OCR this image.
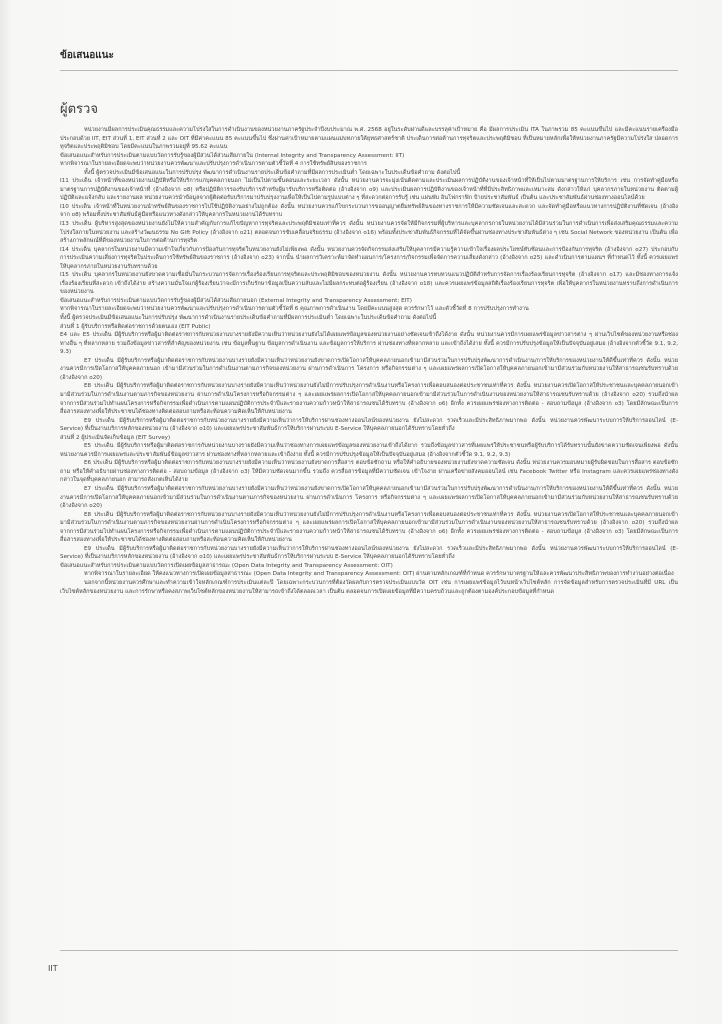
ข้อเสนอแนะ
ผู้ตรวจ

หน่วยงานมีผลการประเมินคุณธรรมและความโปร่งใสในการดำเนินงานของหน่วยงานภาครัฐประจำปีงบประมาณ พ.ศ. 2568 อยู่ในระดับผ่านดีและบรรลุค่าเป้าหมาย คือ มีผลการประเมิน ITA ในภาพรวม 85 คะแนนขึ้นไป และมีคะแนนรายเครื่องมือประกอบด้วย IIT, EIT ส่วนที่ 1, EIT ส่วนที่ 2 และ OIT ที่มีค่าคะแนน 85 คะแนนขึ้นไป ซึ่งผ่านค่าเป้าหมายตามแผนแม่บทภายใต้ยุทธศาสตร์ชาติ ประเด็นการต่อต้านการทุจริตและประพฤติมิชอบ ที่เป็นหมายหลักเพื่อให้หน่วยงานภาครัฐมีความโปร่งใส ปลอดการทุจริตและประพฤติมิชอบ โดยมีคะแนนในภาพรวมอยู่ที่ 95.62 คะแนน

ข้อเสนอแนะสำหรับการประเมินตามแบบวัดการรับรู้ของผู้มีส่วนได้ส่วนเสียภายใน (Internal Integrity and Transparency Assessment: IIT)

หากพิจารณาในรายละเอียดจะพบว่าหน่วยงานควรพัฒนาและปรับปรุงการดำเนินการตามตัวชี้วัดที่ 4 การใช้ทรัพย์สินของราชการ

ทั้งนี้ ผู้ตรวจประเมินมีข้อเสนอแนะในการปรับปรุง พัฒนาการดำเนินงานรายประเด็นข้อคำถามที่มีผลการประเมินต่ำ โดยเฉพาะในประเด็นข้อคำถาม ดังต่อไปนี้

I11 ประเด็น เจ้าหน้าที่ของหน่วยงานปฏิบัติหรือให้บริการแก่บุคคลภายนอก ไม่เป็นไปตามขั้นตอนและระยะเวลา ดังนั้น หน่วยงานควรจะมุ่งเน้นติดตามและประเมินผลการปฏิบัติงานของเจ้าหน้าที่ให้เป็นไปตามมาตรฐานการให้บริการ เช่น การจัดทำคู่มือหรือมาตรฐานการปฏิบัติงานของเจ้าหน้าที่ (อ้างอิงจาก o8) หรือปฏิบัติการรองรับบริการสำหรับผู้มารับบริการหรือติดต่อ (อ้างอิงจาก o9) และประเมินผลการปฏิบัติงานของเจ้าหน้าที่ที่มีประสิทธิภาพและเหมาะสม ดังกล่าวให้แก่ บุคลากรภายในหน่วยงาน ติดตามผู้ปฏิบัติและแจ้งกลับ และรายงานผล หน่วยงานควรนำข้อมูลจากผู้ติดต่อรับบริการมาปรับปรุงงานเพื่อให้เป็นไปตามรูปแบบต่าง ๆ ที่สะดวกต่อการรับรู้ เช่น แผ่นพับ อินโฟกราฟิก ป้ายประชาสัมพันธ์ เป็นต้น และประชาสัมพันธ์ผ่านช่องทางออนไลน์ด้วย

I10 ประเด็น เจ้าหน้าที่ในหน่วยงานนำทรัพย์สินของราชการไปใช้ปฏิบัติงานอย่างไม่ถูกต้อง ดังนั้น หน่วยงานควรแก้ไขกระบวนการขออนุญาตยืมทรัพย์สินของทางราชการให้มีความชัดเจนและสะดวก และจัดทำคู่มือหรือแนวทางการปฏิบัติงานที่ชัดเจน (อ้างอิงจาก o8) พร้อมทั้งประชาสัมพันธ์คู่มือหรือแนวทางดังกล่าวให้บุคลากรในหน่วยงานได้รับทราบ

I13 ประเด็น ผู้บริหารสูงสุดของหน่วยงานยังไม่ให้ความสำคัญกับการแก้ไขปัญหาการทุจริตและประพฤติมิชอบเท่าที่ควร ดังนั้น หน่วยงานควรจัดให้มีกิจกรรมที่ผู้บริหารและบุคลากรภายในหน่วยงานได้มีส่วนร่วมในการดำเนินการเพื่อส่งเสริมคุณธรรมและความโปร่งใสภายในหน่วยงาน และสร้างวัฒนธรรม No Gift Policy (อ้างอิงจาก o21) ตลอดจนการขับเคลื่อนจริยธรรม (อ้างอิงจาก o16) พร้อมทั้งประชาสัมพันธ์กิจกรรมที่ได้จัดขึ้นผ่านช่องทางประชาสัมพันธ์ต่าง ๆ เช่น Social Network ของหน่วยงาน เป็นต้น เพื่อสร้างภาพลักษณ์ที่ดีของหน่วยงานในการต่อต้านการทุจริต

I14 ประเด็น บุคลากรในหน่วยงานมีความเข้าใจเกี่ยวกับการป้องกันการทุจริตในหน่วยงานยังไม่เพียงพอ ดังนั้น หน่วยงานควรจัดกิจกรรมส่งเสริมให้บุคลากรมีความรู้ความเข้าใจเรื่องผลประโยชน์ทับซ้อนและการป้องกันการทุจริต (อ้างอิงจาก o27) ประกอบกับการประเมินความเสี่ยงการทุจริตในประเด็นการใช้ทรัพย์สินของราชการ (อ้างอิงจาก o23) จากนั้น นำผลการวิเคราะห์มาจัดทำแผนการ/โครงการ/กิจกรรมเพื่อจัดการความเสี่ยงดังกล่าว (อ้างอิงจาก o25) และดำเนินการตามแผนฯ ที่กำหนดไว้ ทั้งนี้ ควรเผยแพร่ให้บุคลากรภายในหน่วยงานรับทราบด้วย

I15 ประเด็น บุคลากรในหน่วยงานยังขาดความเชื่อมั่นในกระบวนการจัดการเรื่องร้องเรียนการทุจริตและประพฤติมิชอบของหน่วยงาน ดังนั้น หน่วยงานควรทบทวนแนวปฏิบัติสำหรับการจัดการเรื่องร้องเรียนการทุจริต (อ้างอิงจาก o17) และมีช่องทางการแจ้งเรื่องร้องเรียนที่สะดวก เข้าถึงได้ง่าย สร้างความมั่นใจแก่ผู้ร้องเรียนว่าจะมีการเก็บรักษาข้อมูลเป็นความลับและไม่มีผลกระทบต่อผู้ร้องเรียน (อ้างอิงจาก o18) และควรเผยแพร่ข้อมูลสถิติเรื่องร้องเรียนการทุจริต เพื่อให้บุคลากรในหน่วยงานทราบถึงการดำเนินการของหน่วยงาน

ข้อเสนอแนะสำหรับการประเมินตามแบบวัดการรับรู้ของผู้มีส่วนได้ส่วนเสียภายนอก (External Integrity and Transparency Assessment: EIT)

หากพิจารณาในรายละเอียดจะพบว่าหน่วยงานควรพัฒนาและปรับปรุงการดำเนินการตามตัวชี้วัดที่ 6 คุณภาพการดำเนินงาน โดยมีคะแนนสูงสุด ควรรักษาไว้ และตัวชี้วัดที่ 8 การปรับปรุงการทำงาน

ทั้งนี้ ผู้ตรวจประเมินมีข้อเสนอแนะในการปรับปรุง พัฒนาการดำเนินงานรายประเด็นข้อคำถามที่มีผลการประเมินต่ำ โดยเฉพาะในประเด็นข้อคำถาม ดังต่อไปนี้

ส่วนที่ 1 ผู้รับบริการหรือติดต่อราชการด้วยตนเอง (EIT Public)

E4 และ E5 ประเด็น มีผู้รับบริการหรือผู้มาติดต่อราชการกับหน่วยงานบางรายยังมีความเห็นว่าหน่วยงานยังไม่ได้เผยแพร่ข้อมูลของหน่วยงานอย่างชัดเจนเข้าถึงได้ง่าย ดังนั้น หน่วยงานควรมีการเผยแพร่ข้อมูลข่าวสารต่าง ๆ ผ่านเว็บไซต์ของหน่วยงานหรือช่องทางอื่น ๆ ที่หลากหลาย รวมถึงข้อมูลข่าวสารที่สำคัญของหน่วยงาน เช่น ข้อมูลพื้นฐาน ข้อมูลการดำเนินงาน และข้อมูลการให้บริการ ผ่านช่องทางที่หลากหลาย และเข้าถึงได้ง่าย ทั้งนี้ ควรมีการปรับปรุงข้อมูลให้เป็นปัจจุบันอยู่เสมอ (อ้างอิงจากตัวชี้วัด 9.1, 9.2, 9.3)

E7 ประเด็น มีผู้รับบริการหรือผู้มาติดต่อราชการกับหน่วยงานบางรายยังมีความเห็นว่าหน่วยงานยังขาดการเปิดโอกาสให้บุคคลภายนอกเข้ามามีส่วนร่วมในการปรับปรุงพัฒนาการดำเนินงาน/การให้บริการของหน่วยงานให้ดีขึ้นเท่าที่ควร ดังนั้น หน่วยงานควรมีการเปิดโอกาสให้บุคคลภายนอก เข้ามามีส่วนร่วมในการดำเนินงานตามภารกิจของหน่วยงาน ผ่านการดำเนินการ โครงการ หรือกิจกรรมต่าง ๆ และเผยแพร่ผลการเปิดโอกาสให้บุคคลภายนอกเข้ามามีส่วนร่วมกับหน่วยงานให้สาธารณชนรับทราบด้วย (อ้างอิงจาก o20)

E8 ประเด็น มีผู้รับบริการหรือผู้มาติดต่อราชการกับหน่วยงานบางรายยังมีความเห็นว่าหน่วยงานยังไม่มีการปรับปรุงการดำเนินงานหรือโครงการเพื่อตอบสนองต่อประชาชนเท่าที่ควร ดังนั้น หน่วยงานควรเปิดโอกาสให้ประชาชนและบุคคลภายนอกเข้ามามีส่วนร่วมในการดำเนินงานตามภารกิจของหน่วยงาน ผ่านการดำเนินโครงการหรือกิจกรรมต่าง ๆ และเผยแพร่ผลการเปิดโอกาสให้บุคคลภายนอกเข้ามามีส่วนร่วมในการดำเนินงานของหน่วยงานให้สาธารณชนรับทราบด้วย (อ้างอิงจาก o20) รวมถึงนำผลจากการมีส่วนร่วมไปทำแผนโครงการหรือกิจกรรมเพื่อดำเนินการตามแผนปฏิบัติการประจำปีและรายงานความก้าวหน้าให้สาธารณชนได้รับทราบ (อ้างอิงจาก o6) อีกทั้ง ควรเผยแพร่ช่องทางการติดต่อ - สอบถามข้อมูล (อ้างอิงจาก o3) โดยมีลักษณะเป็นการสื่อสารสองทางเพื่อให้ประชาชนได้ช่องทางติดต่อสอบถามหรือสะท้อนความคิดเห็นให้กับหน่วยงาน

E9 ประเด็น มีผู้รับบริการหรือผู้มาติดต่อราชการกับหน่วยงานบางรายยังมีความเห็นว่าการให้บริการผ่านช่องทางออนไลน์ของหน่วยงาน ยังไม่สะดวก รวดเร็วและมีประสิทธิภาพมากพอ ดังนั้น หน่วยงานควรพัฒนาระบบการให้บริการออนไลน์ (E-Service) ที่เป็นงานบริการหลักของหน่วยงาน (อ้างอิงจาก o10) และเผยแพร่ประชาสัมพันธ์การให้บริการผ่านระบบ E-Service ให้บุคคลภายนอกได้รับทราบโดยทั่วถึง

ส่วนที่ 2 ผู้ประเมินจัดเก็บข้อมูล (EIT Survey)

E5 ประเด็น มีผู้รับบริการหรือผู้มาติดต่อราชการกับหน่วยงานบางรายยังมีความเห็นว่าช่องทางการเผยแพร่ข้อมูลของหน่วยงานเข้าถึงได้ยาก รวมถึงข้อมูลข่าวสารที่เผยแพร่ให้ประชาชนหรือผู้รับบริการได้รับทราบนั้นยังขาดความชัดเจนเพียงพอ ดังนั้น หน่วยงานควรมีการเผยแพร่และประชาสัมพันธ์ข้อมูลข่าวสาร ผ่านช่องทางที่หลากหลายและเข้าถึงง่าย ทั้งนี้ ควรมีการปรับปรุงข้อมูลให้เป็นปัจจุบันอยู่เสมอ (อ้างอิงจากตัวชี้วัด 9.1, 9.2, 9.3)

E6 ประเด็น มีผู้รับบริการหรือผู้มาติดต่อราชการกับหน่วยงานบางรายยังมีความเห็นว่าหน่วยงานยังขาดการสื่อสาร ตอบข้อซักถาม หรือให้คำอธิบายของหน่วยงานยังขาดความชัดเจน ดังนั้น หน่วยงานควรมอบหมายผู้รับผิดชอบในการสื่อสาร ตอบข้อซักถาม หรือให้คำอธิบายผ่านช่องทางการติดต่อ - สอบถามข้อมูล (อ้างอิงจาก o3) ให้มีความชัดเจนมากขึ้น รวมถึง ควรสื่อสารข้อมูลที่มีความชัดเจน เข้าใจง่าย ผ่านเครือข่ายสังคมออนไลน์ เช่น Facebook Twitter หรือ Instagram และควรเผยแพร่ช่องทางดังกล่าวในจุดที่บุคคลภายนอก สามารถสังเกตเห็นได้ง่าย

E7 ประเด็น มีผู้รับบริการหรือผู้มาติดต่อราชการกับหน่วยงานบางรายยังมีความเห็นว่าหน่วยงานยังขาดการเปิดโอกาสให้บุคคลภายนอกเข้ามามีส่วนร่วมในการปรับปรุงพัฒนาการดำเนินงาน/การให้บริการของหน่วยงานให้ดีขึ้นเท่าที่ควร ดังนั้น หน่วยงานควรมีการเปิดโอกาสให้บุคคลภายนอกเข้ามามีส่วนร่วมในการดำเนินงานตามภารกิจของหน่วยงาน ผ่านการดำเนินการ โครงการ หรือกิจกรรมต่าง ๆ และเผยแพร่ผลการเปิดโอกาสให้บุคคลภายนอกเข้ามามีส่วนร่วมกับหน่วยงานให้สาธารณชนรับทราบด้วย (อ้างอิงจาก o20)

E8 ประเด็น มีผู้รับบริการหรือผู้มาติดต่อราชการกับหน่วยงานบางรายยังมีความเห็นว่าหน่วยงานยังไม่มีการปรับปรุงการดำเนินงานหรือโครงการเพื่อตอบสนองต่อประชาชนเท่าที่ควร ดังนั้น หน่วยงานควรเปิดโอกาสให้ประชาชนและบุคคลภายนอกเข้ามามีส่วนร่วมในการดำเนินงานตามภารกิจของหน่วยงานผ่านการดำเนินโครงการหรือกิจกรรมต่าง ๆ และเผยแพร่ผลการเปิดโอกาสให้บุคคลภายนอกเข้ามามีส่วนร่วมในการดำเนินงานของหน่วยงานให้สาธารณชนรับทราบด้วย (อ้างอิงจาก o20) รวมถึงนำผลจากการมีส่วนร่วมไปทำแผนโครงการหรือกิจกรรมเพื่อดำเนินการตามแผนปฏิบัติการประจำปีและรายงานความก้าวหน้าให้สาธารณชนได้รับทราบ (อ้างอิงจาก o6) อีกทั้ง ควรเผยแพร่ช่องทางการติดต่อ - สอบถามข้อมูล (อ้างอิงจาก o3) โดยมีลักษณะเป็นการสื่อสารสองทางเพื่อให้ประชาชนได้ช่องทางติดต่อสอบถามหรือสะท้อนความคิดเห็นให้กับหน่วยงาน

E9 ประเด็น มีผู้รับบริการหรือผู้มาติดต่อราชการกับหน่วยงานบางรายยังมีความเห็นว่าการให้บริการผ่านช่องทางออนไลน์ของหน่วยงาน ยังไม่สะดวก รวดเร็วและมีประสิทธิภาพมากพอ ดังนั้น หน่วยงานควรพัฒนาระบบการให้บริการออนไลน์ (E-Service) ที่เป็นงานบริการหลักของหน่วยงาน (อ้างอิงจาก o10) และเผยแพร่ประชาสัมพันธ์การให้บริการผ่านระบบ E-Service ให้บุคคลภายนอกได้รับทราบโดยทั่วถึง

ข้อเสนอแนะสำหรับการประเมินตามแบบวัดการเปิดเผยข้อมูลสาธารณะ (Open Data Integrity and Transparency Assessment: OIT)

หากพิจารณาในรายละเอียด ให้คงแนวทางการเปิดเผยข้อมูลสาธารณะ (Open Data Integrity and Transparency Assessment: OIT) ผ่านตามหลักเกณฑ์ที่กำหนด ควรรักษามาตรฐานให้และควรพัฒนาประสิทธิภาพของการทำงานอย่างต่อเนื่อง

นอกจากนี้หน่วยงานควรศึกษาและทำความเข้าใจหลักเกณฑ์การประเมินแต่ละปี โดยเฉพาะกระบวนการที่ต้องวัดผลกับการตรวจประเมินแบบวัด OIT เช่น การเผยแพร่ข้อมูลไว้บนหน้าเว็บไซต์หลัก การจัดข้อมูลสำหรับการตรวจประเมินที่มี URL เป็นเว็บไซต์หลักของหน่วยงาน และการรักษาหรือคงสภาพเว็บไซต์หลักของหน่วยงานให้สามารถเข้าถึงได้ตลอดเวลา เป็นต้น ตลอดจนการเปิดเผยข้อมูลที่มีความครบถ้วนและถูกต้องตามองค์ประกอบข้อมูลที่กำหนด

IIT
